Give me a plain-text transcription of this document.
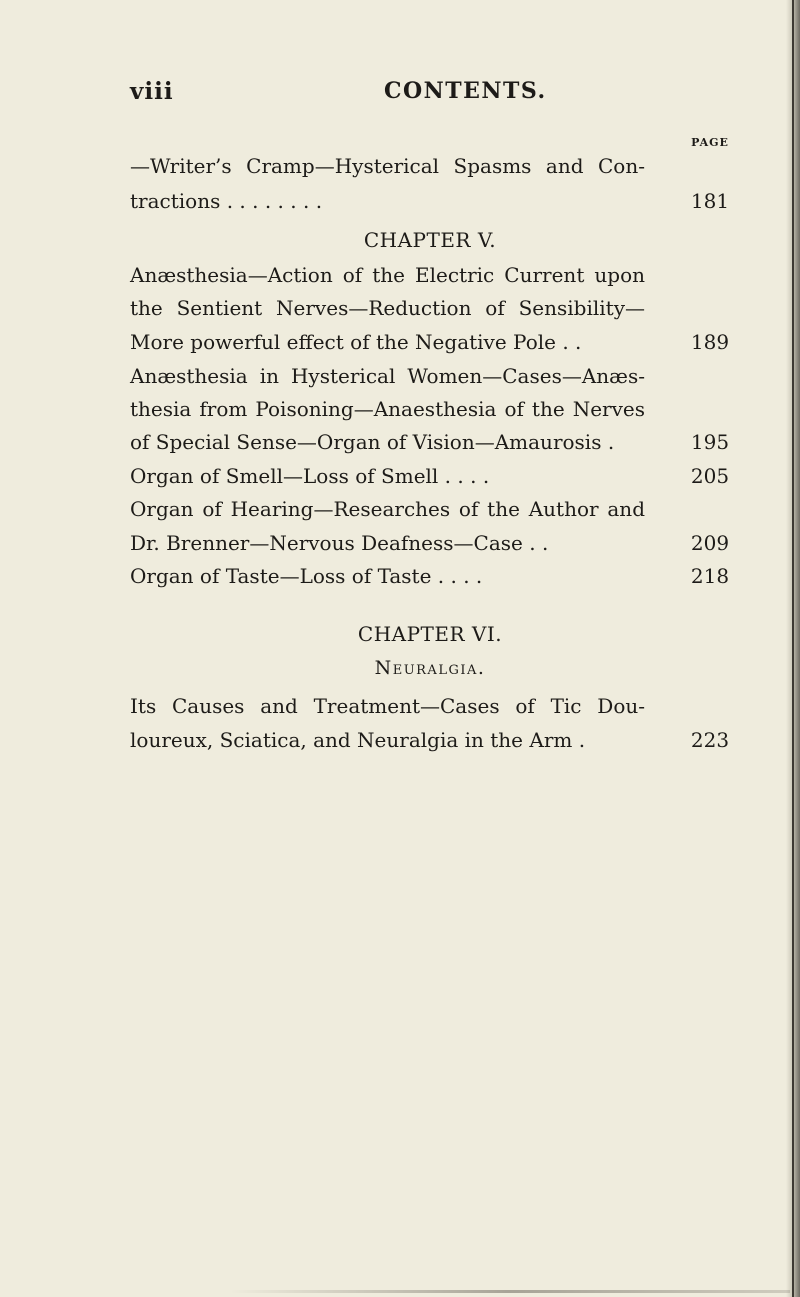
viii	CONTENTS.
PAGE
—Writer’s Cramp—Hysterical Spasms and Con-
tractions . . . . . . . .	181
CHAPTER V.
Anæsthesia—Action of the Electric Current upon
the Sentient Nerves—Reduction of Sensibility—
More powerful effect of the Negative Pole . .	189
Anæsthesia in Hysterical Women—Cases—Anæs-
thesia from Poisoning—Anaesthesia of the Nerves
of Special Sense—Organ of Vision—Amaurosis .	195
Organ of Smell—Loss of Smell . . . .	205
Organ of Hearing—Researches of the Author and
Dr. Brenner—Nervous Deafness—Case . .	209
Organ of Taste—Loss of Taste . . . .	218
CHAPTER VI.
Neuralgia.
Its Causes and Treatment—Cases of Tic Dou-
loureux, Sciatica, and Neuralgia in the Arm .	223
